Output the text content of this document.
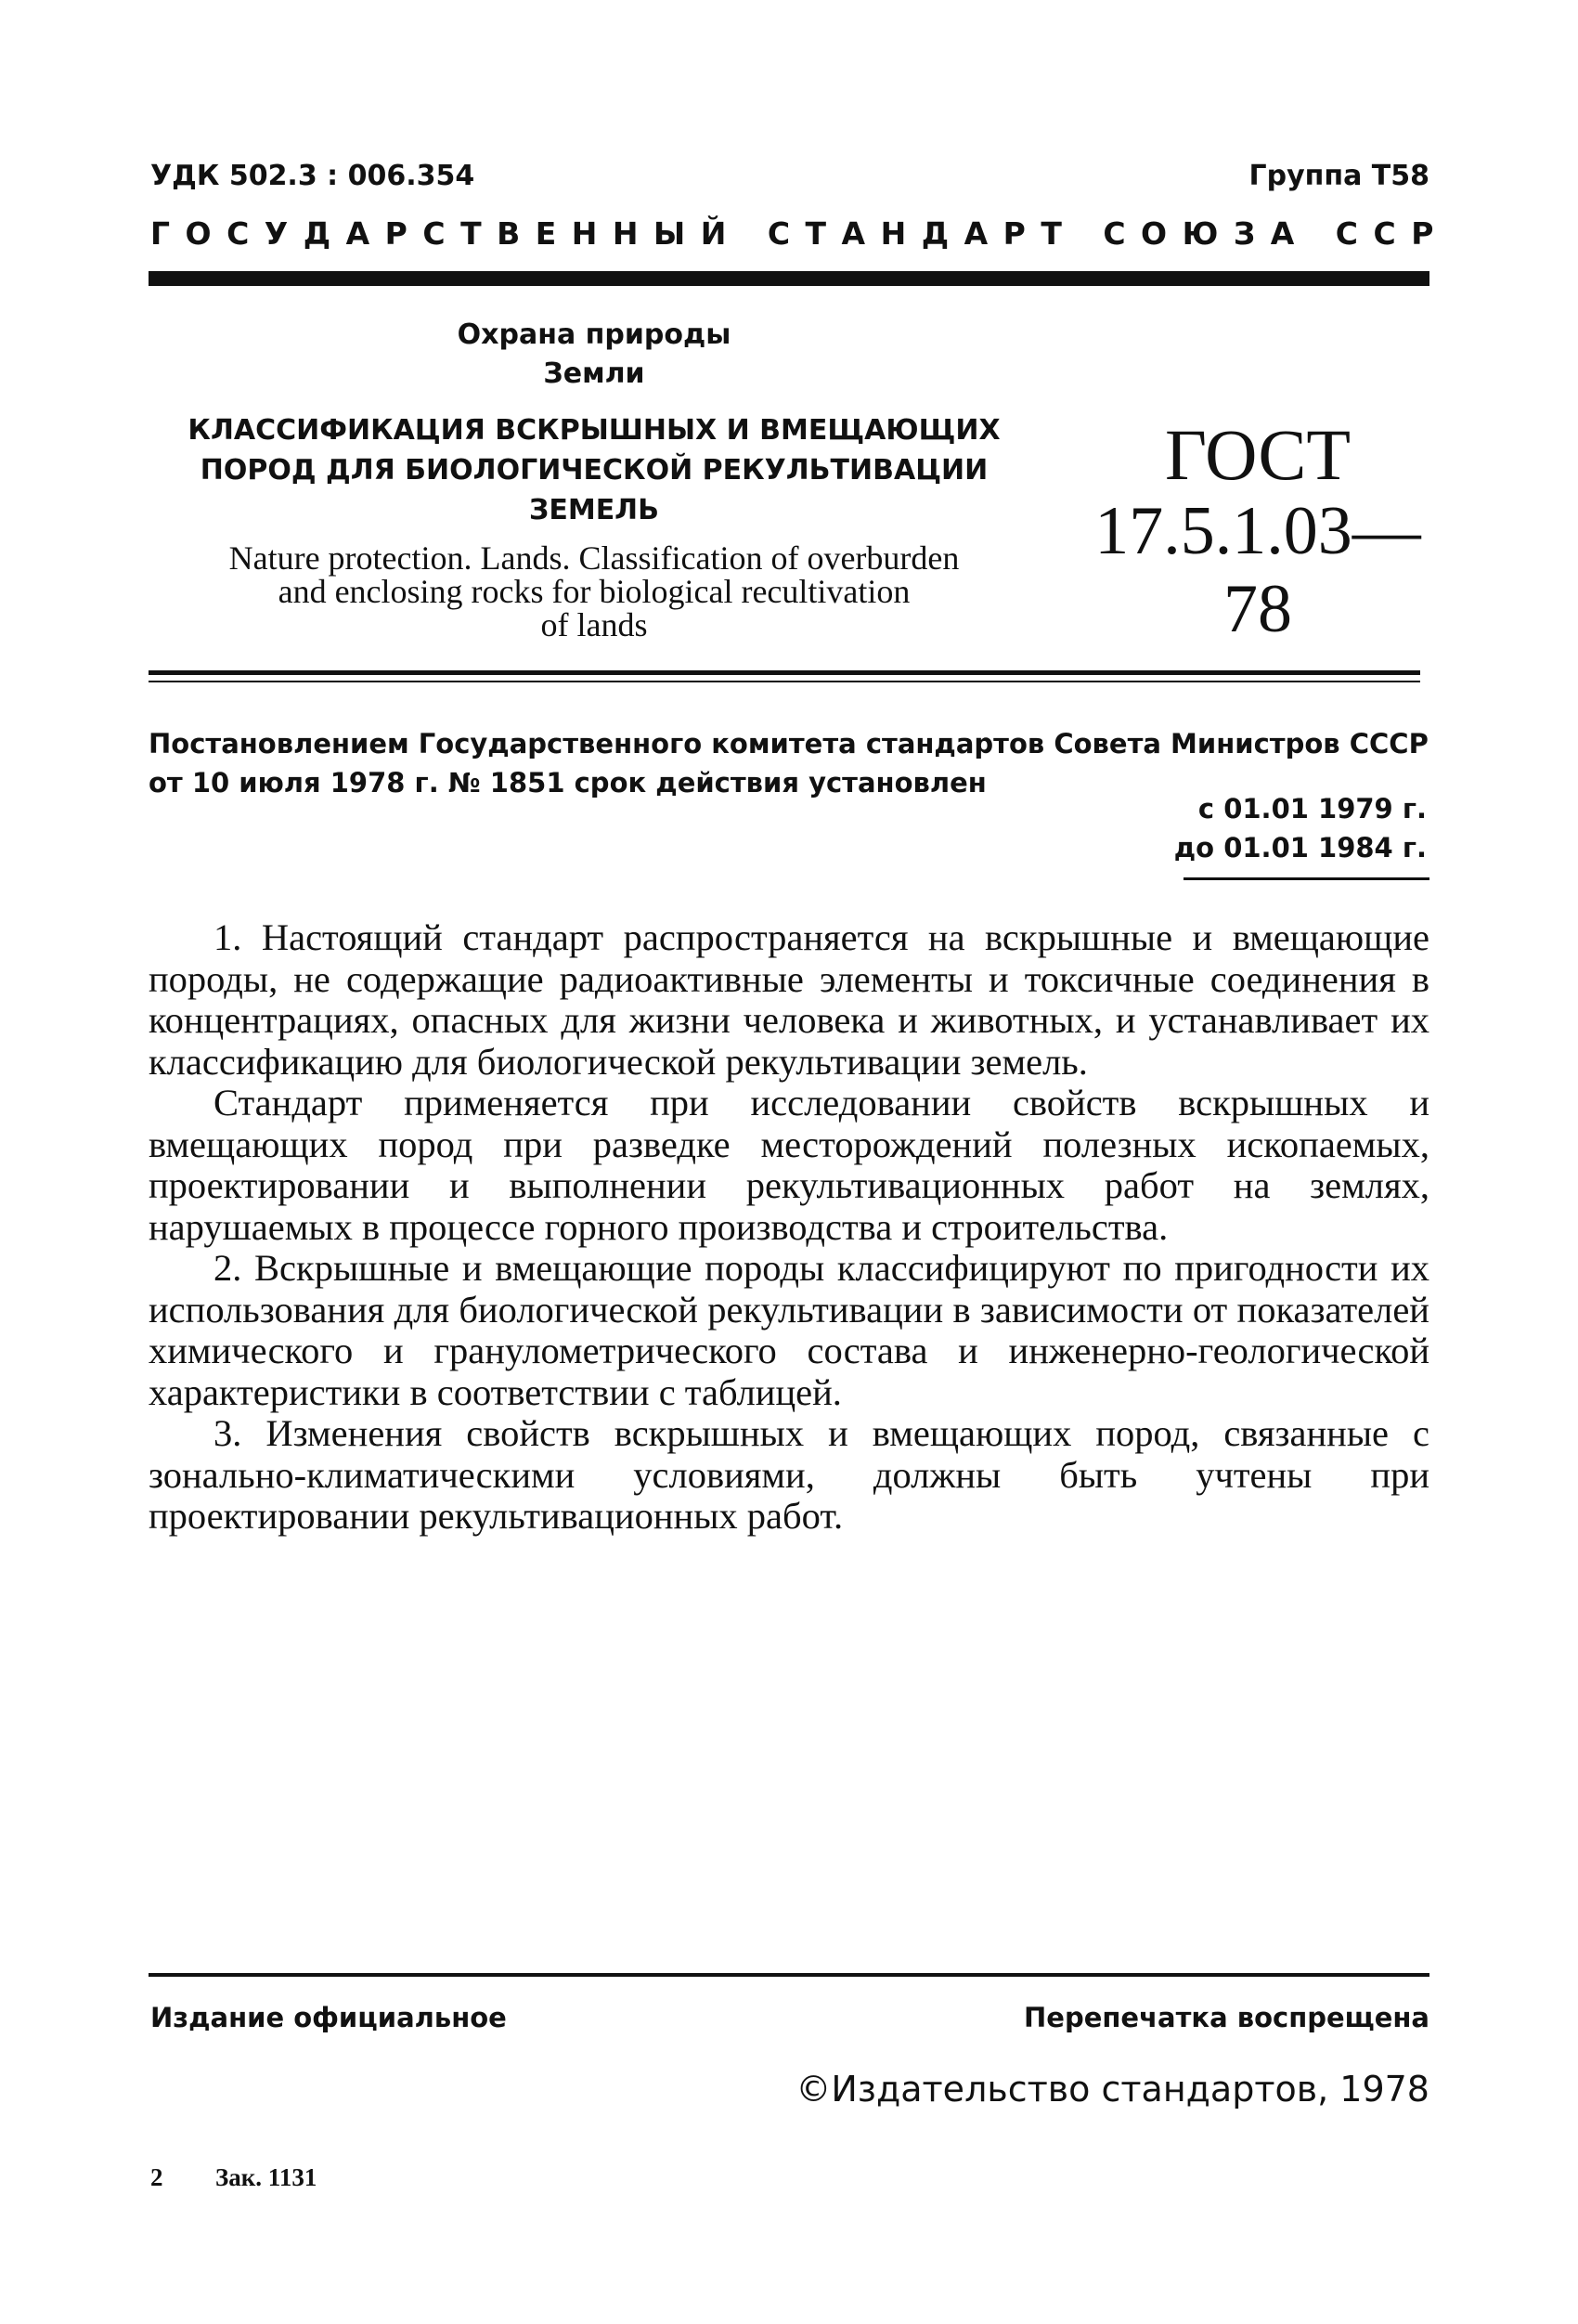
УДК 502.3 : 006.354	Группа Т58
ГОСУДАРСТВЕННЫЙ СТАНДАРТ СОЮЗА ССР
Охрана природы
Земли
КЛАССИФИКАЦИЯ ВСКРЫШНЫХ И ВМЕЩАЮЩИХ
ПОРОД ДЛЯ БИОЛОГИЧЕСКОЙ РЕКУЛЬТИВАЦИИ
ЗЕМЕЛЬ
Nature protection. Lands. Classification of overburden
and enclosing rocks for biological recultivation
of lands
ГОСТ
17.5.1.03—78
Постановлением Государственного комитета стандартов Совета Министров СССР
от 10 июля 1978 г. № 1851 срок действия установлен
с 01.01 1979 г.
до 01.01 1984 г.

1. Настоящий стандарт распространяется на вскрышные и вмещающие породы, не содержащие радиоактивные элементы и токсичные соединения в концентрациях, опасных для жизни человека и животных, и устанавливает их классификацию для биологической рекультивации земель.

Стандарт применяется при исследовании свойств вскрышных и вмещающих пород при разведке месторождений полезных ископаемых, проектировании и выполнении рекультивационных работ на землях, нарушаемых в процессе горного производства и строительства.

2. Вскрышные и вмещающие породы классифицируют по пригодности их использования для биологической рекультивации в зависимости от показателей химического и гранулометрического состава и инженерно-геологической характеристики в соответствии с таблицей.

3. Изменения свойств вскрышных и вмещающих пород, связанные с зонально-климатическими условиями, должны быть учтены при проектировании рекультивационных работ.

Издание официальное	Перепечатка воспрещена
©Издательство стандартов, 1978
2 Зак. 1131
